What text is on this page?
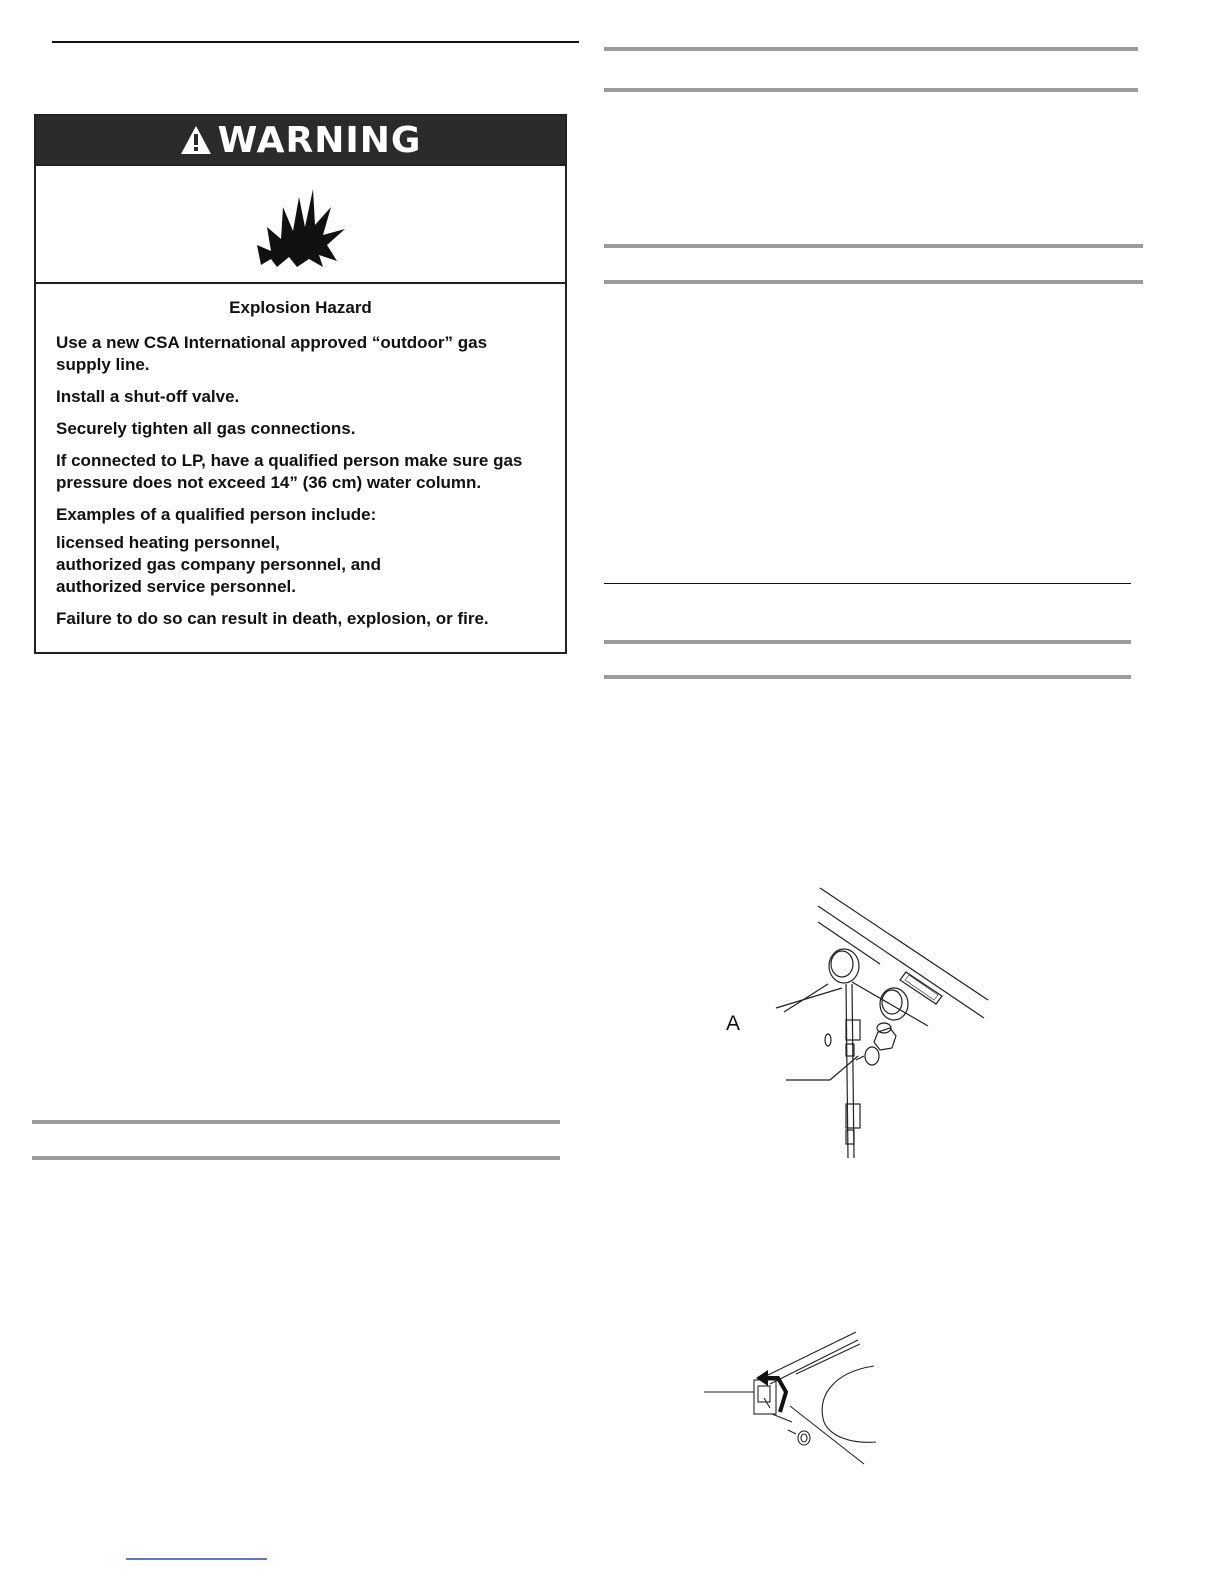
WARNING

Explosion Hazard

Use a new CSA International approved “outdoor” gas supply line.

Install a shut-off valve.

Securely tighten all gas connections.

If connected to LP, have a qualified person make sure gas pressure does not exceed 14” (36 cm) water column.

Examples of a qualified person include:

licensed heating personnel,
authorized gas company personnel, and
authorized service personnel.

Failure to do so can result in death, explosion, or fire.

A
